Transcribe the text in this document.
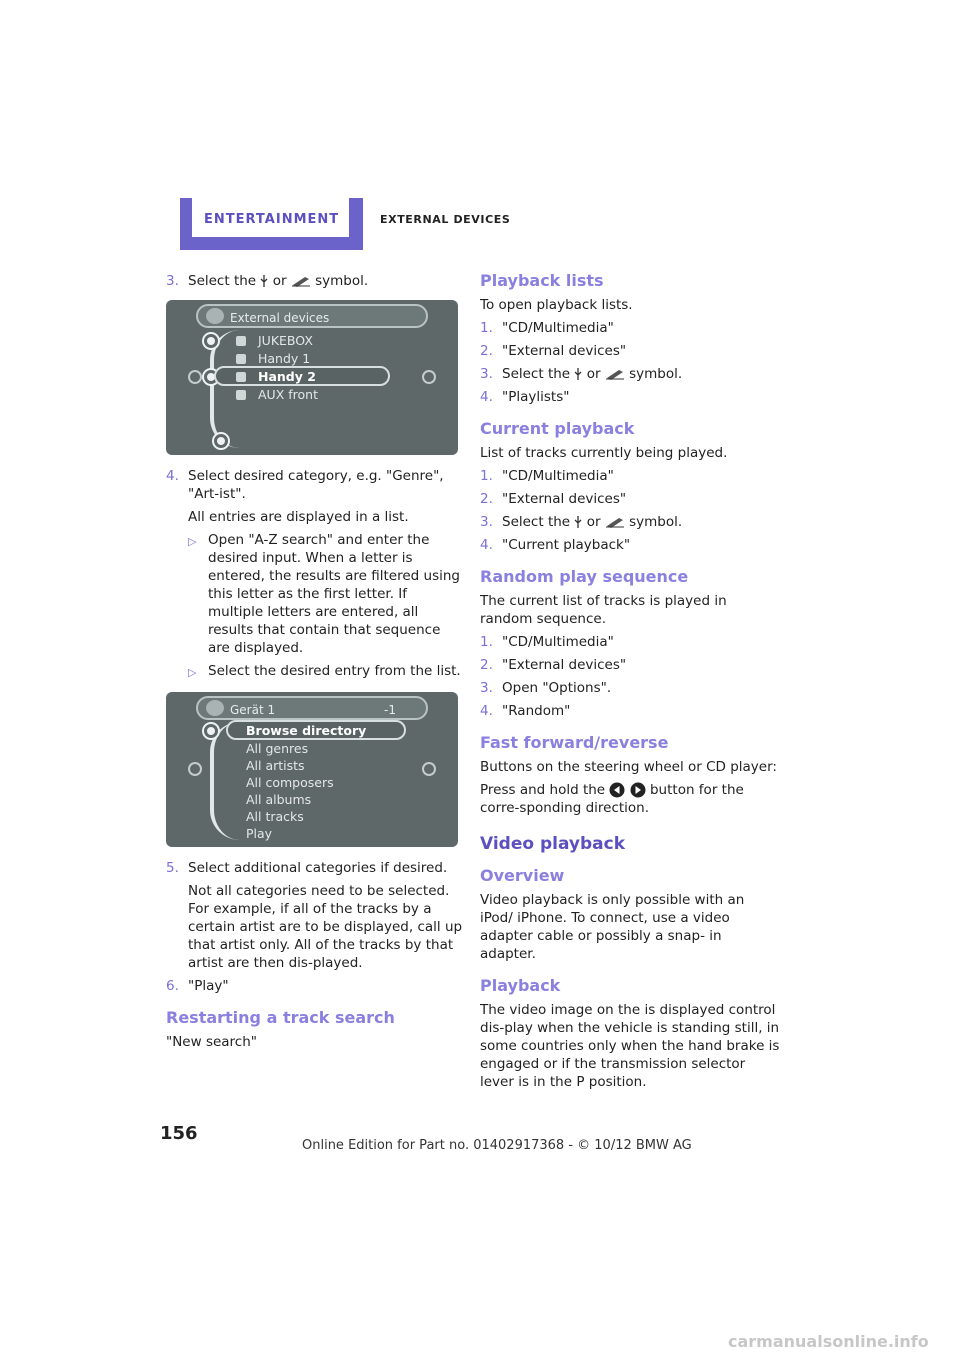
ENTERTAINMENT	EXTERNAL DEVICES
3. Select the or symbol.
External devices
JUKEBOX
Handy 1
Handy 2
AUX front
4. Select desired category, e.g. "Genre", "Art-ist".
All entries are displayed in a list.
▷ Open "A-Z search" and enter the desired input. When a letter is entered, the results are filtered using this letter as the first letter. If multiple letters are entered, all results that contain that sequence are displayed.
▷ Select the desired entry from the list.
Gerät 1	-1
Browse directory
All genres
All artists
All composers
All albums
All tracks
Play
5. Select additional categories if desired.
Not all categories need to be selected. For example, if all of the tracks by a certain artist are to be displayed, call up that artist only. All of the tracks by that artist are then dis-played.
6. "Play"
Restarting a track search
"New search"
Playback lists
To open playback lists.
1. "CD/Multimedia"
2. "External devices"
3. Select the or symbol.
4. "Playlists"
Current playback
List of tracks currently being played.
1. "CD/Multimedia"
2. "External devices"
3. Select the or symbol.
4. "Current playback"
Random play sequence
The current list of tracks is played in random sequence.
1. "CD/Multimedia"
2. "External devices"
3. Open "Options".
4. "Random"
Fast forward/reverse
Buttons on the steering wheel or CD player:
Press and hold the	button for the corre-sponding direction.
Video playback
Overview
Video playback is only possible with an iPod/ iPhone. To connect, use a video adapter cable or possibly a snap- in adapter.
Playback
The video image on the is displayed control dis-play when the vehicle is standing still, in some countries only when the hand brake is engaged or if the transmission selector lever is in the P position.
156
Online Edition for Part no. 01402917368 - © 10/12 BMW AG
carmanualsonline.info
